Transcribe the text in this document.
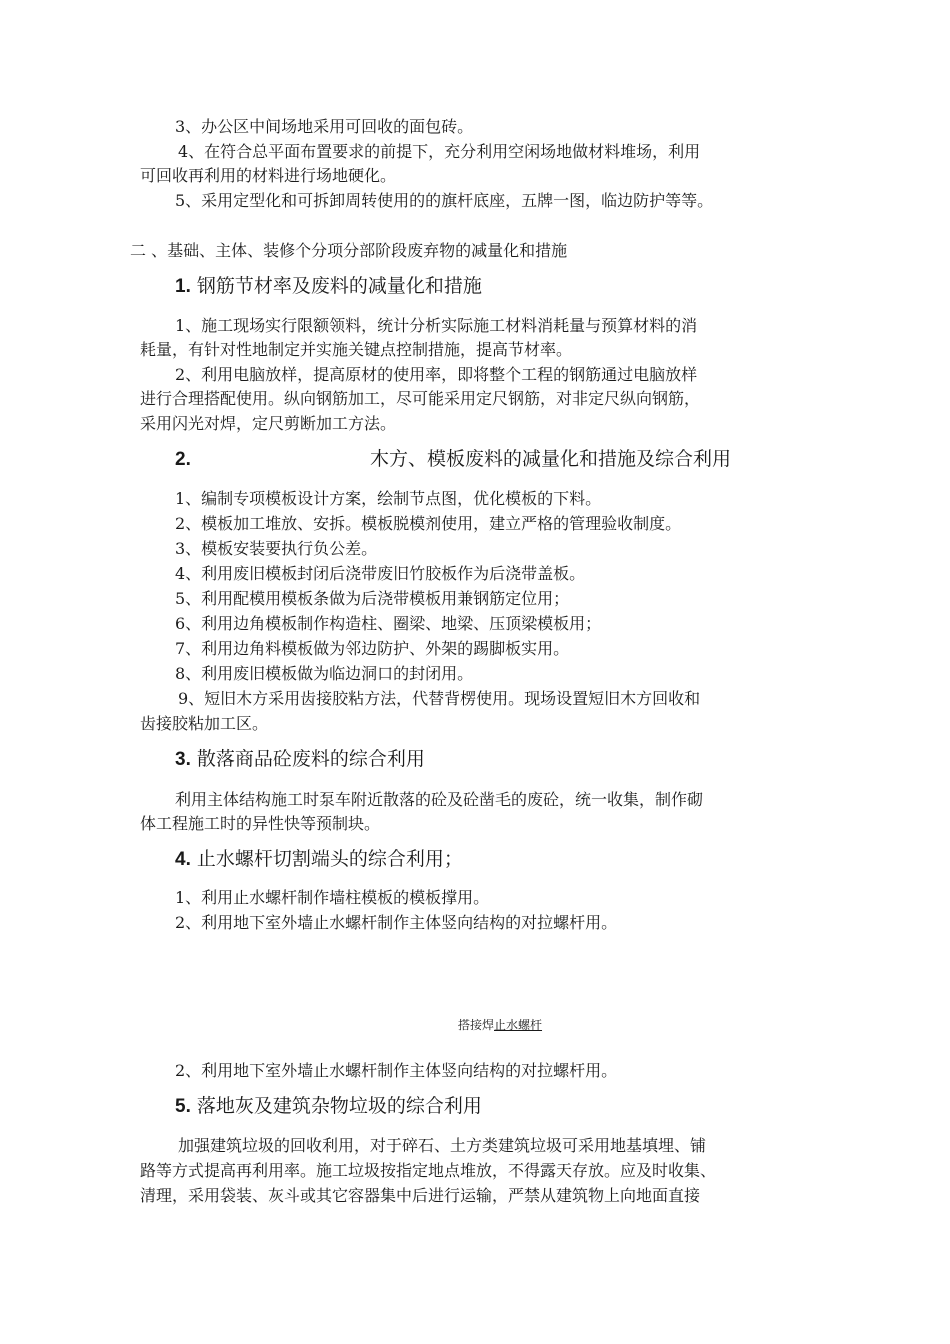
3、办公区中间场地采用可回收的面包砖。
4、在符合总平面布置要求的前提下，充分利用空闲场地做材料堆场，利用
可回收再利用的材料进行场地硬化。
5、采用定型化和可拆卸周转使用的的旗杆底座，五牌一图，临边防护等等。
二 、基础、主体、装修个分项分部阶段废弃物的减量化和措施
1. 钢筋节材率及废料的减量化和措施
1、施工现场实行限额领料，统计分析实际施工材料消耗量与预算材料的消
耗量，有针对性地制定并实施关键点控制措施，提高节材率。
2、利用电脑放样，提高原材的使用率，即将整个工程的钢筋通过电脑放样
进行合理搭配使用。纵向钢筋加工，尽可能采用定尺钢筋，对非定尺纵向钢筋，
采用闪光对焊，定尺剪断加工方法。
2.	木方、模板废料的减量化和措施及综合利用
1、编制专项模板设计方案，绘制节点图，优化模板的下料。
2、模板加工堆放、安拆。模板脱模剂使用，建立严格的管理验收制度。
3、模板安装要执行负公差。
4、利用废旧模板封闭后浇带废旧竹胶板作为后浇带盖板。
5、利用配模用模板条做为后浇带模板用兼钢筋定位用；
6、利用边角模板制作构造柱、圈梁、地梁、压顶梁模板用；
7、利用边角料模板做为邻边防护、外架的踢脚板实用。
8、利用废旧模板做为临边洞口的封闭用。
9、短旧木方采用齿接胶粘方法，代替背楞使用。现场设置短旧木方回收和
齿接胶粘加工区。
3. 散落商品砼废料的综合利用
利用主体结构施工时泵车附近散落的砼及砼凿毛的废砼，统一收集，制作砌
体工程施工时的异性快等预制块。
4. 止水螺杆切割端头的综合利用；
1、利用止水螺杆制作墙柱模板的模板撑用。
2、利用地下室外墙止水螺杆制作主体竖向结构的对拉螺杆用。
搭接焊止水螺杆
2、利用地下室外墙止水螺杆制作主体竖向结构的对拉螺杆用。
5. 落地灰及建筑杂物垃圾的综合利用
加强建筑垃圾的回收利用，对于碎石、土方类建筑垃圾可采用地基填埋、铺
路等方式提高再利用率。施工垃圾按指定地点堆放，不得露天存放。应及时收集、
清理，采用袋装、灰斗或其它容器集中后进行运输，严禁从建筑物上向地面直接
